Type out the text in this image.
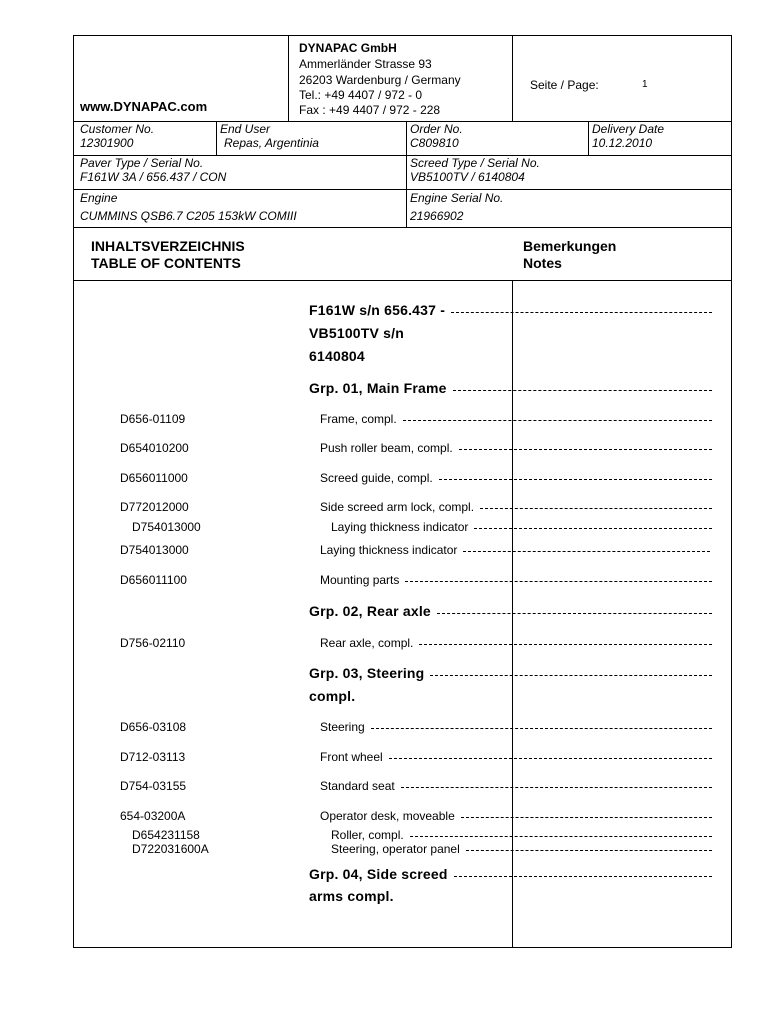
www.DYNAPAC.com
DYNAPAC GmbH
Ammerländer Strasse 93
26203 Wardenburg / Germany
Tel.: +49 4407 / 972 - 0
Fax : +49 4407 / 972 - 228
Seite / Page:	1
Customer No.
12301900
End User
Repas, Argentinia
Order No.
C809810
Delivery Date
10.12.2010
Paver Type / Serial No.
F161W 3A / 656.437 / CON
Screed Type / Serial No.
VB5100TV / 6140804
Engine
CUMMINS QSB6.7 C205 153kW COMIII
Engine Serial No.
21966902
INHALTSVERZEICHNIS
TABLE OF CONTENTS
Bemerkungen
Notes
F161W s/n 656.437 -
VB5100TV s/n
6140804
Grp. 01, Main Frame
D656-01109	Frame, compl.
D654010200	Push roller beam, compl.
D656011000	Screed guide, compl.
D772012000	Side screed arm lock, compl.
D754013000	Laying thickness indicator
D754013000	Laying thickness indicator
D656011100	Mounting parts
Grp. 02, Rear axle
D756-02110	Rear axle, compl.
Grp. 03, Steering
compl.
D656-03108	Steering
D712-03113	Front wheel
D754-03155	Standard seat
654-03200A	Operator desk, moveable
D654231158	Roller, compl.
D722031600A	Steering, operator panel
Grp. 04, Side screed
arms compl.
